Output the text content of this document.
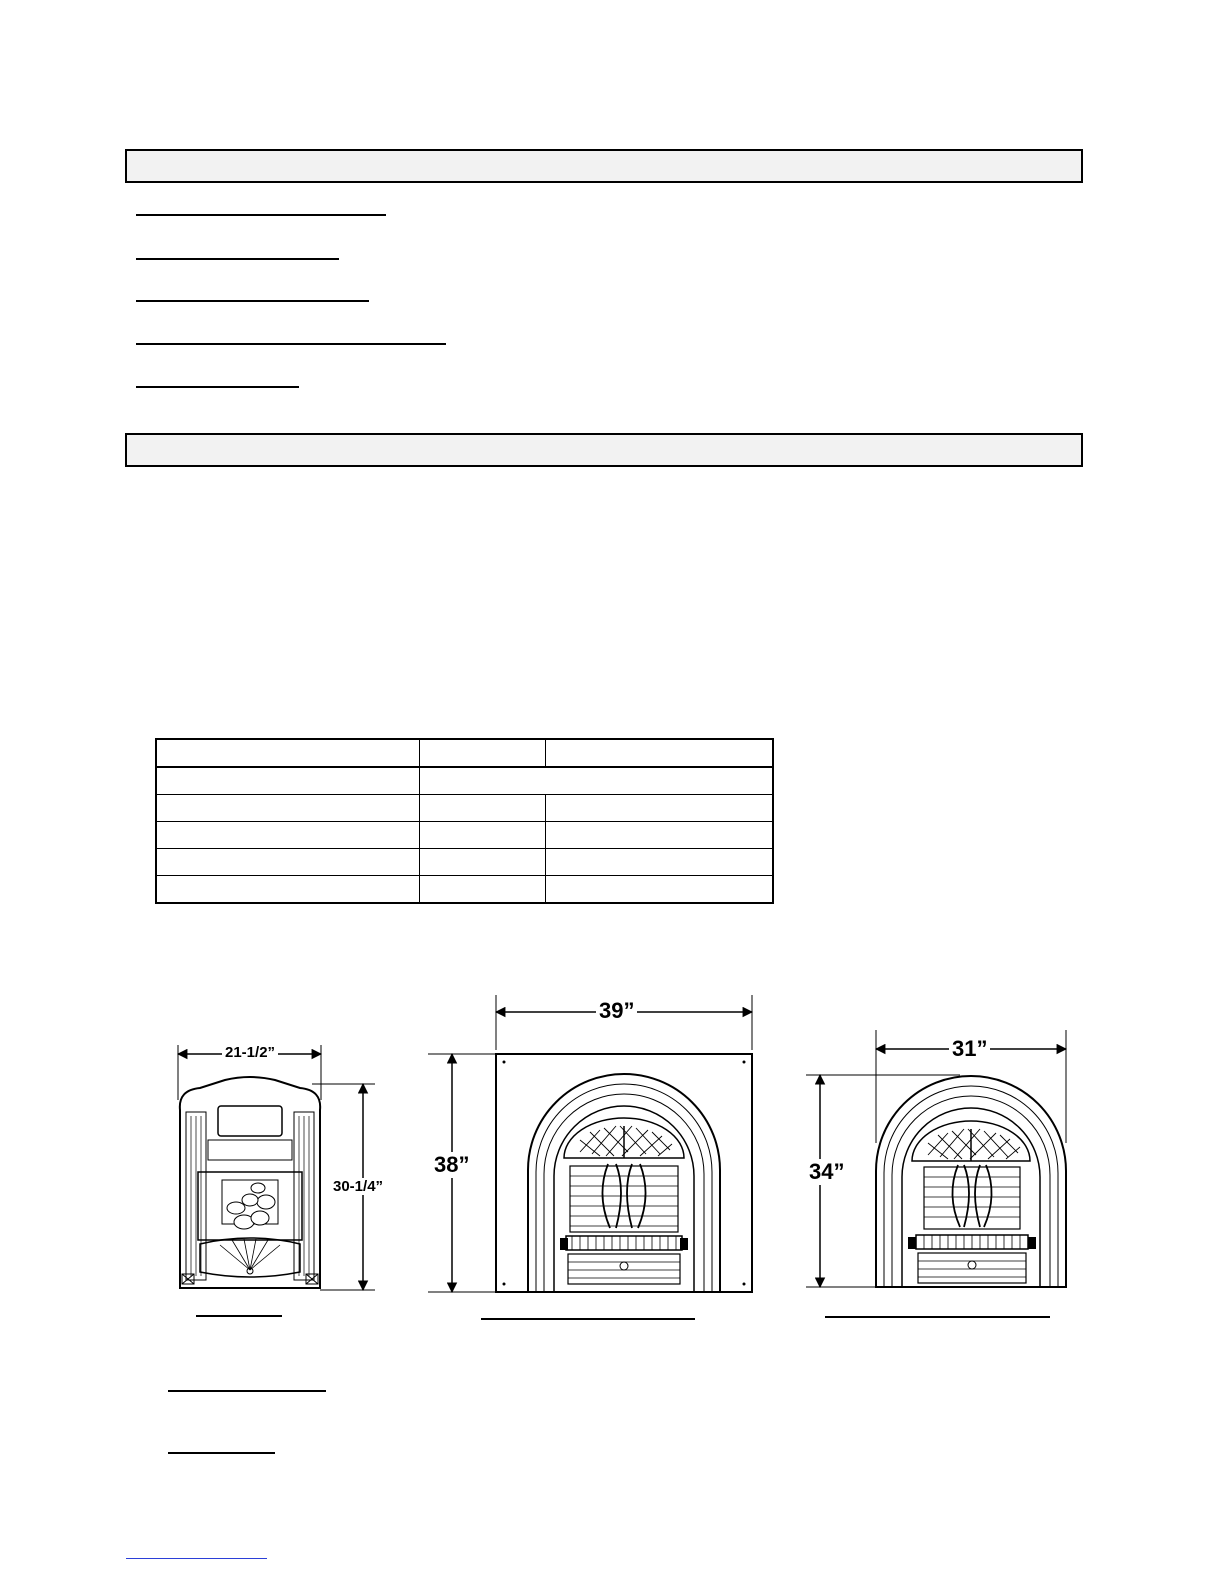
21-1/2”
30-1/4”
39”
38”
31”
34”
